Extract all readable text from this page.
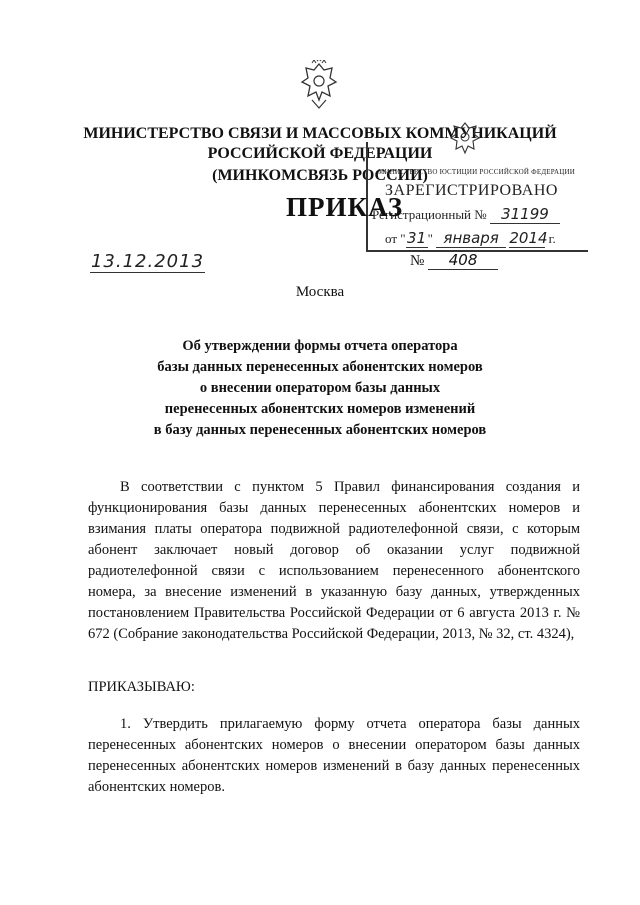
МИНИСТЕРСТВО СВЯЗИ И МАССОВЫХ КОММУНИКАЦИЙ
РОССИЙСКОЙ ФЕДЕРАЦИИ
(МИНКОМСВЯЗЬ РОССИИ)
МИНИСТЕРСТВО ЮСТИЦИИ РОССИЙСКОЙ ФЕДЕРАЦИИ
ЗАРЕГИСТРИРОВАНО
Регистрационный № 31199
от "31" января 2014 г.
ПРИКАЗ
13.12.2013	№ 408
Москва
Об утверждении формы отчета оператора
базы данных перенесенных абонентских номеров
о внесении оператором базы данных
перенесенных абонентских номеров изменений
в базу данных перенесенных абонентских номеров
В соответствии с пунктом 5 Правил финансирования создания и функционирования базы данных перенесенных абонентских номеров и взимания платы оператора подвижной радиотелефонной связи, с которым абонент заключает новый договор об оказании услуг подвижной радиотелефонной связи с использованием перенесенного абонентского номера, за внесение изменений в указанную базу данных, утвержденных постановлением Правительства Российской Федерации от 6 августа 2013 г. № 672 (Собрание законодательства Российской Федерации, 2013, № 32, ст. 4324),
ПРИКАЗЫВАЮ:
1. Утвердить прилагаемую форму отчета оператора базы данных перенесенных абонентских номеров о внесении оператором базы данных перенесенных абонентских номеров изменений в базу данных перенесенных абонентских номеров.
